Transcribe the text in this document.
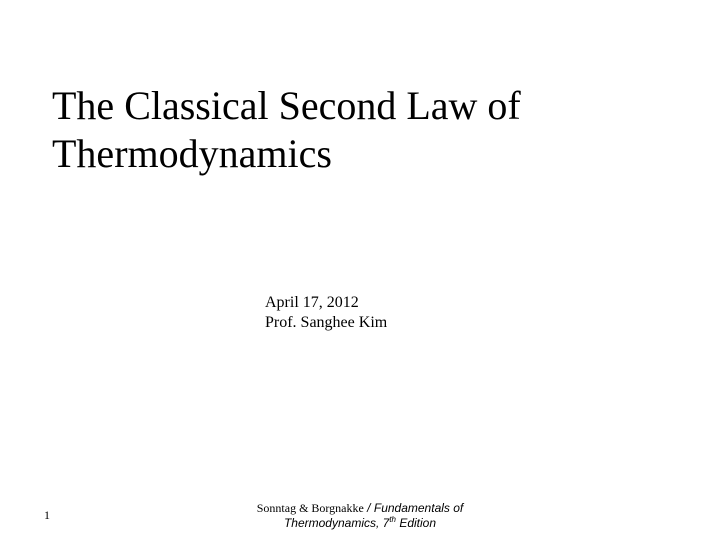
The Classical Second Law of
Thermodynamics
April 17, 2012
Prof. Sanghee Kim
1	Sonntag & Borgnakke / Fundamentals of
Thermodynamics, 7th Edition
